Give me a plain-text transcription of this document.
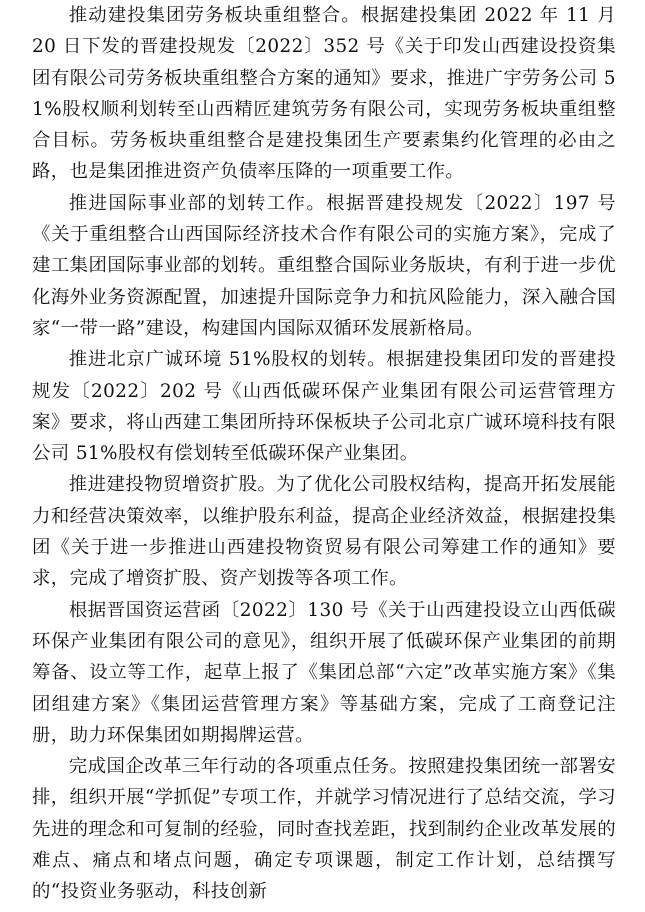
推动建投集团劳务板块重组整合。根据建投集团 2022 年 11 月 20 日下发的晋建投规发〔2022〕352 号《关于印发山西建设投资集团有限公司劳务板块重组整合方案的通知》要求，推进广宇劳务公司 51%股权顺利划转至山西精匠建筑劳务有限公司，实现劳务板块重组整合目标。劳务板块重组整合是建投集团生产要素集约化管理的必由之路，也是集团推进资产负债率压降的一项重要工作。

推进国际事业部的划转工作。根据晋建投规发〔2022〕197 号《关于重组整合山西国际经济技术合作有限公司的实施方案》，完成了建工集团国际事业部的划转。重组整合国际业务版块，有利于进一步优化海外业务资源配置，加速提升国际竞争力和抗风险能力，深入融合国家“一带一路”建设，构建国内国际双循环发展新格局。

推进北京广诚环境 51%股权的划转。根据建投集团印发的晋建投规发〔2022〕202 号《山西低碳环保产业集团有限公司运营管理方案》要求，将山西建工集团所持环保板块子公司北京广诚环境科技有限公司 51%股权有偿划转至低碳环保产业集团。

推进建投物贸增资扩股。为了优化公司股权结构，提高开拓发展能力和经营决策效率，以维护股东利益，提高企业经济效益，根据建投集团《关于进一步推进山西建投物资贸易有限公司筹建工作的通知》要求，完成了增资扩股、资产划拨等各项工作。

根据晋国资运营函〔2022〕130 号《关于山西建投设立山西低碳环保产业集团有限公司的意见》，组织开展了低碳环保产业集团的前期筹备、设立等工作，起草上报了《集团总部“六定”改革实施方案》《集团组建方案》《集团运营管理方案》等基础方案，完成了工商登记注册，助力环保集团如期揭牌运营。

完成国企改革三年行动的各项重点任务。按照建投集团统一部署安排，组织开展“学抓促”专项工作，并就学习情况进行了总结交流，学习先进的理念和可复制的经验，同时查找差距，找到制约企业改革发展的难点、痛点和堵点问题，确定专项课题，制定工作计划，总结撰写的“投资业务驱动，科技创新
